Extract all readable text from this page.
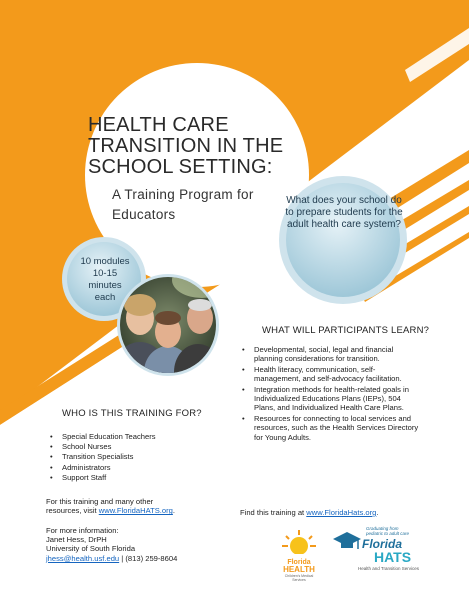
HEALTH CARE TRANSITION IN THE SCHOOL SETTING:
A Training Program for Educators
What does your school do to prepare students for the adult health care system?
10 modules 10-15 minutes each
WHAT WILL PARTICIPANTS LEARN?
• Developmental, social, legal and financial planning considerations for transition.
• Health literacy, communication, self-management, and self-advocacy facilitation.
• Integration methods for health-related goals in Individualized Educations Plans (IEPs), 504 Plans, and Individualized Health Care Plans.
• Resources for connecting to local services and resources, such as the Health Services Directory for Young Adults.
Find this training at www.FloridaHats.org.
WHO IS THIS TRAINING FOR?
• Special Education Teachers
• School Nurses
• Transition Specialists
• Administrators
• Support Staff
For this training and many other
resources, visit www.FloridaHATS.org.
For more information:
Janet Hess, DrPH
University of South Florida
jhess@health.usf.edu | (813) 259-8604	Florida
HEALTH
Children's Medical Services
Graduating from
pediatric to adult care
Florida
HATS
Health and Transition Services
